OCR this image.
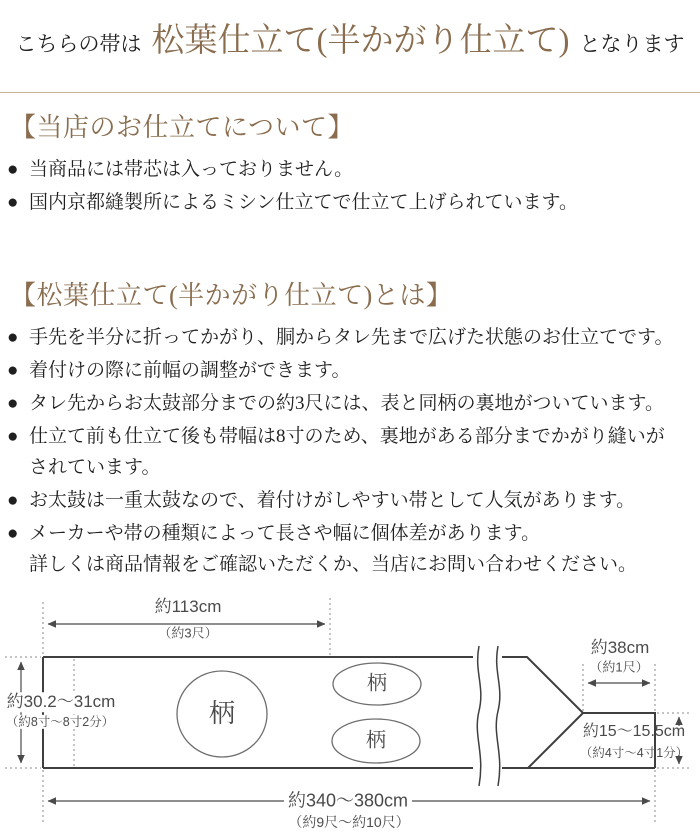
こちらの帯は 松葉仕立て(半かがり仕立て) となります
【当店のお仕立てについて】
● 当商品には帯芯は入っておりません。
● 国内京都縫製所によるミシン仕立てで仕立て上げられています。
【松葉仕立て(半かがり仕立て)とは】
● 手先を半分に折ってかがり、胴からタレ先まで広げた状態のお仕立てです。
● 着付けの際に前幅の調整ができます。
● タレ先からお太鼓部分までの約3尺には、表と同柄の裏地がついています。
● 仕立て前も仕立て後も帯幅は8寸のため、裏地がある部分までかがり縫いが
されています。
● お太鼓は一重太鼓なので、着付けがしやすい帯として人気があります。
● メーカーや帯の種類によって長さや幅に個体差があります。
詳しくは商品情報をご確認いただくか、当店にお問い合わせください。
約113cm
（約3尺）
約30.2～31cm
（約8寸～8寸2分）
約38cm
（約1尺）
約15～15.5cm
（約4寸～4寸1分）
約340～380cm
（約9尺～約10尺）
柄
柄
柄
